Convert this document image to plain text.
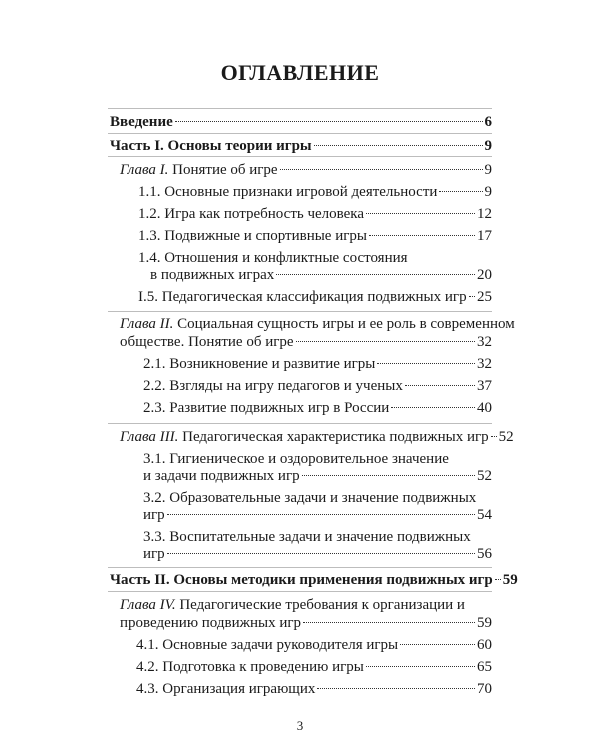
ОГЛАВЛЕНИЕ
Введение	6
Часть I. Основы теории игры	9
Глава I. Понятие об игре	9
1.1. Основные признаки игровой деятельности	9
1.2. Игра как потребность человека	12
1.3. Подвижные и спортивные игры	17
1.4. Отношения и конфликтные состояния
в подвижных играх	20
I.5. Педагогическая классификация подвижных игр 25
Глава II. Социальная сущность игры и ее роль в современном
обществе. Понятие об игре	32
2.1. Возникновение и развитие игры	32
2.2. Взгляды на игру педагогов и ученых	37
2.3. Развитие подвижных игр в России	40
Глава III. Педагогическая характеристика подвижных игр 52
3.1. Гигиеническое и оздоровительное значение
и задачи подвижных игр	52
3.2. Образовательные задачи и значение подвижных
игр	54
3.3. Воспитательные задачи и значение подвижных
игр	56
Часть II. Основы методики применения подвижных игр 59
Глава IV. Педагогические требования к организации и
проведению подвижных игр	59
4.1. Основные задачи руководителя игры	60
4.2. Подготовка к проведению игры	65
4.3. Организация играющих	70
3
